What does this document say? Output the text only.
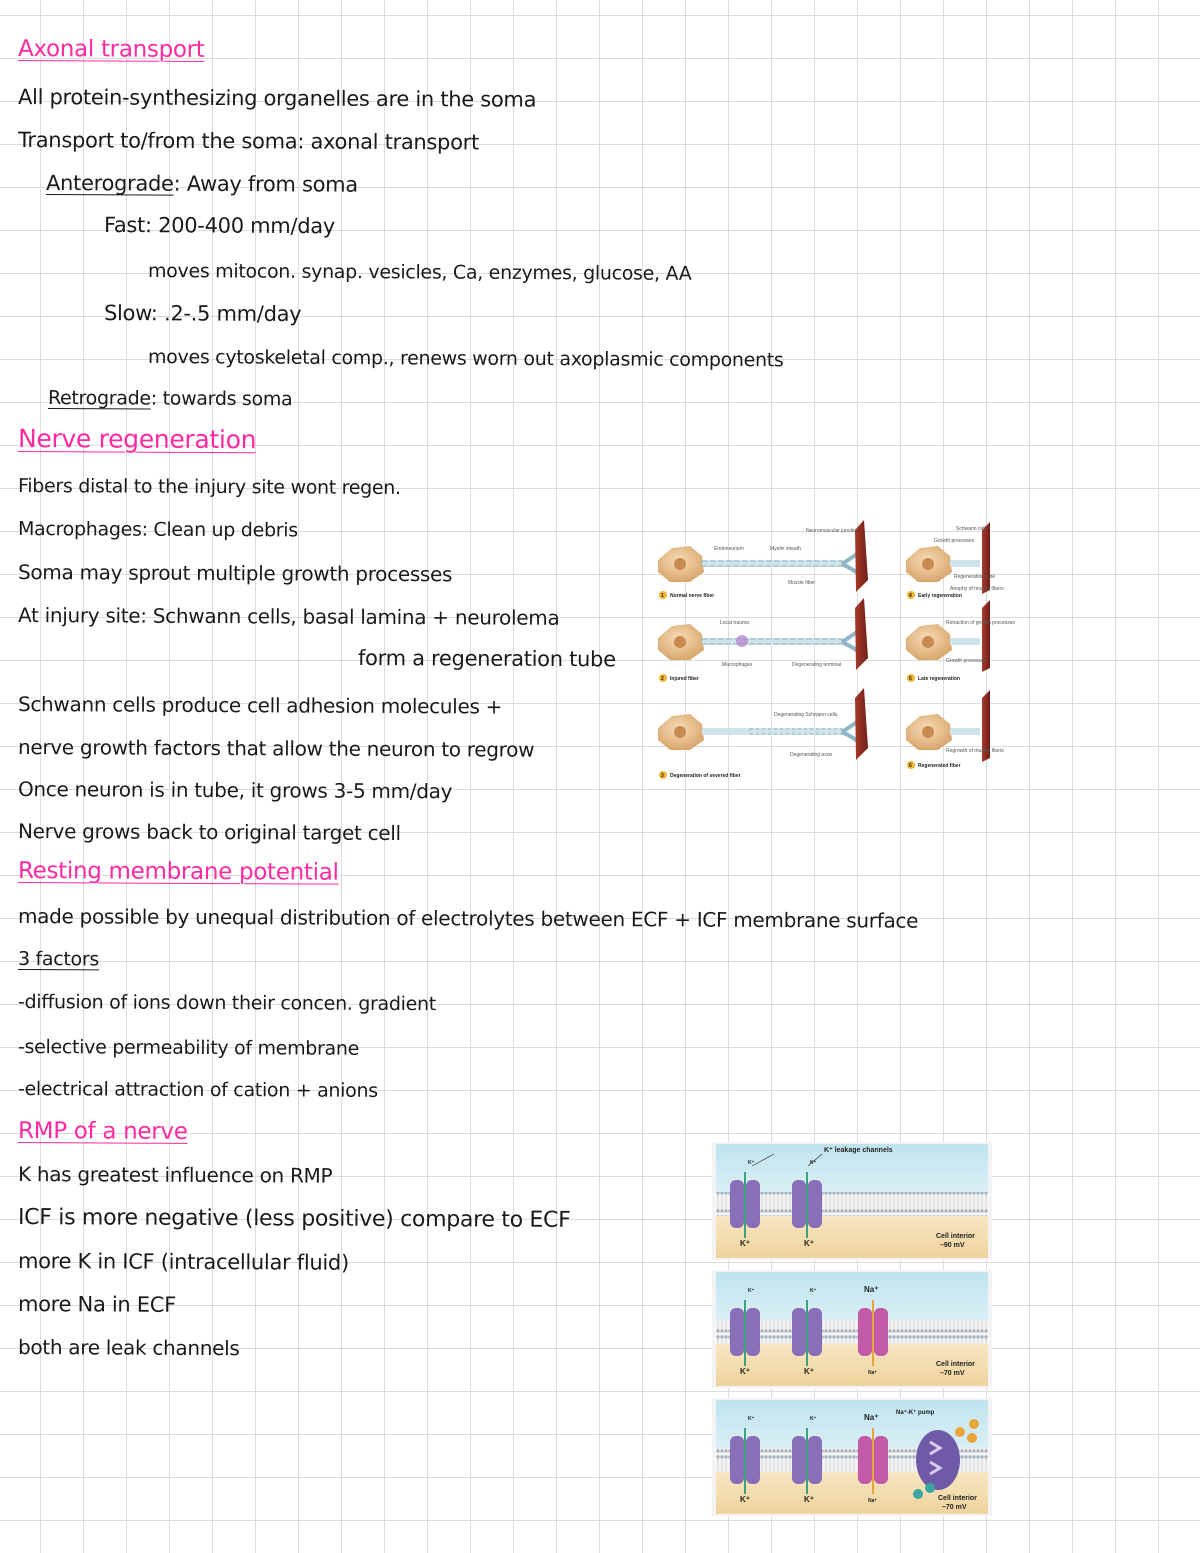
Axonal transport
All protein-synthesizing organelles are in the soma
Transport to/from the soma: axonal transport
Anterograde: Away from soma
Fast: 200-400 mm/day
moves mitocon. synap. vesicles, Ca, enzymes, glucose, AA
Slow: .2-.5 mm/day
moves cytoskeletal comp., renews worn out axoplasmic components
Retrograde: towards soma
Nerve regeneration
Fibers distal to the injury site wont regen.
Macrophages: Clean up debris
Soma may sprout multiple growth processes
At injury site: Schwann cells, basal lamina + neurolema
form a regeneration tube
Schwann cells produce cell adhesion molecules +
nerve growth factors that allow the neuron to regrow
Once neuron is in tube, it grows 3-5 mm/day
Nerve grows back to original target cell
Resting membrane potential
made possible by unequal distribution of electrolytes between ECF + ICF membrane surface
3 factors
-diffusion of ions down their concen. gradient
-selective permeability of membrane
-electrical attraction of cation + anions
RMP of a nerve
K has greatest influence on RMP
ICF is more negative (less positive) compare to ECF
more K in ICF (intracellular fluid)
more Na in ECF
both are leak channels
Endoneurium	Myelin sheath
Neuromuscular junction
Muscle fiber
Local trauma
Macrophages	Degenerating terminal
Degenerating Schwann cells
Degenerating axon
Growth processes
Schwann cells
Regeneration tube
Atrophy of muscle fibers
Retraction of growth processes
Growth processes
Regrowth of muscle fibers
1 Normal nerve fiber
2 Injured fiber
3 Degeneration of severed fiber
4 Early regeneration
5 Late regeneration
6 Regenerated fiber
K⁺ leakage channels
K⁺	K⁺
K⁺	K⁺
Cell interior
–90 mV
K⁺	K⁺	Na⁺
K⁺	K⁺	Na⁺
Cell interior
–70 mV
K⁺	K⁺	Na⁺	Na⁺-K⁺ pump
K⁺	K⁺	Na⁺	Cell interior
–70 mV
